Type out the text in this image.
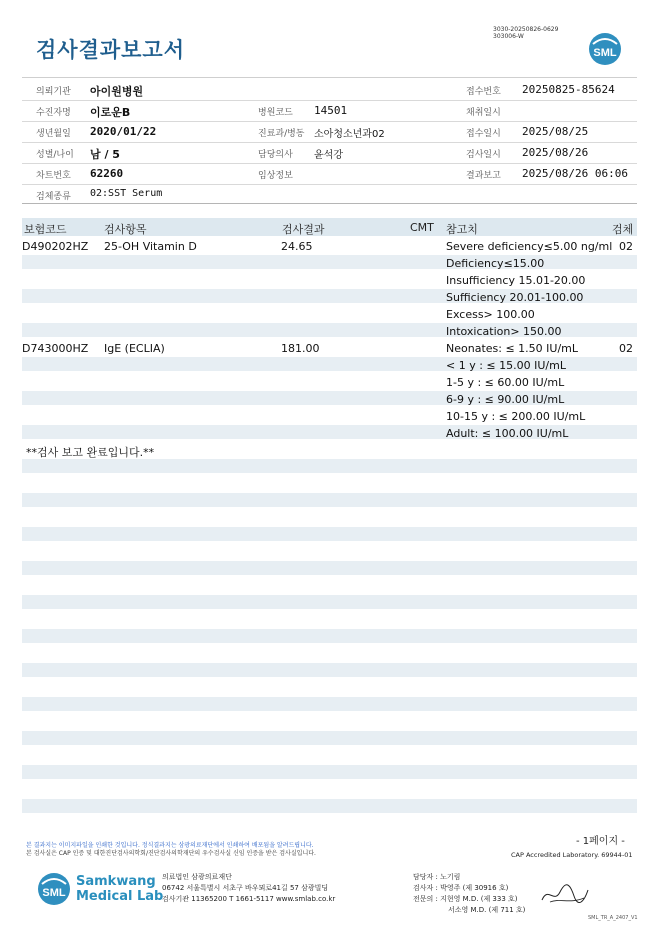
검사결과보고서
3030-20250826-0629
303006-W
SML
의뢰기관 아이원병원	접수번호 20250825-85624
수진자명 이로운B	병원코드 14501	채취일시
생년월일 2020/01/22	진료과/병동 소아청소년과02	접수일시 2025/08/25
성별/나이 남 / 5	담당의사 윤석강	검사일시 2025/08/26
차트번호 62260	임상정보	결과보고 2025/08/26 06:06
검체종류 02:SST Serum
보험코드	검사항목	검사결과	CMT 참고치	검체
D490202HZ 25-OH Vitamin D	24.65	Severe deficiency≤5.00 ng/ml 02
Deficiency≤15.00
Insufficiency 15.01-20.00
Sufficiency 20.01-100.00
Excess> 100.00
Intoxication> 150.00
D743000HZ IgE (ECLIA)	181.00	Neonates: ≤ 1.50 IU/mL	02
< 1 y : ≤ 15.00 IU/mL
1-5 y : ≤ 60.00 IU/mL
6-9 y : ≤ 90.00 IU/mL
10-15 y : ≤ 200.00 IU/mL
Adult: ≤ 100.00 IU/mL
**검사 보고 완료입니다.**
본 결과지는 이미지파일을 인쇄한 것입니다. 정식결과지는 삼광의료재단에서 인쇄하여 배포됨을 알려드립니다.
본 검사실은 CAP 인증 및 대한진단검사의학회/진단검사의학재단의 우수검사실 신임 인증을 받은 검사실입니다.
- 1페이지 -
CAP Accredited Laboratory. 69944-01
SML
Samkwang
Medical Lab
의료법인 삼광의료재단
06742 서울특별시 서초구 바우뫼로41길 57 삼광빌딩
검사기관 11365200 T 1661-5117 www.smlab.co.kr
담당자 : 노기림
검사자 : 박영주 (제 30916 호)
전문의 : 지현영 M.D. (제 333 호)
서소영 M.D. (제 711 호)
SML_TR_A_2407_V1
